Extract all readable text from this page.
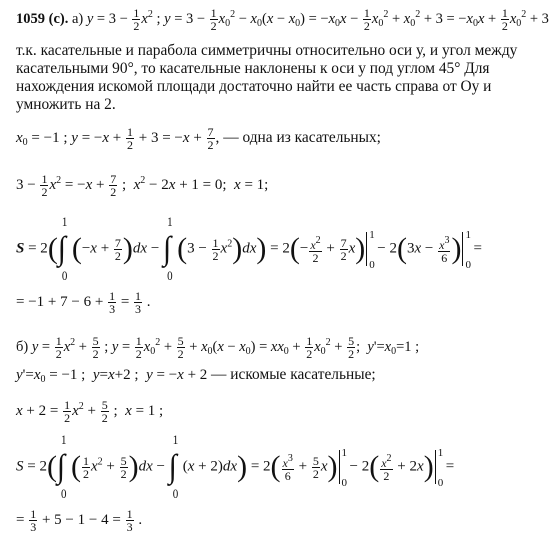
1059 (с). а) $y = 3 - \frac{1}{2} x^2$ ; $y = 3 - \frac{1}{2} x_0^2 - x_0(x - x_0) = -x_0x - \frac{1}{2} x_0^2 + x_0^2 + 3 = -x_0x + \frac{1}{2} x_0^2 + 3$
т.к. касательные и парабола симметричны относительно оси у, и угол между
касательными 90°, то касательные наклонены к оси у под углом 45° Для
нахождения искомой площади достаточно найти ее часть справа от Оу и
умножить на 2.
$x_0 = -1$ ; $y = -x + \frac{1}{2} + 3 = -x + \frac{7}{2}$ , — одна из касательных;
$3 - \frac{1}{2} x^2 = -x + \frac{7}{2}$ ;  $x^2 - 2x + 1 = 0$;  x = 1;
S = 2(∫
1
0
$(-x + \frac{7}{2} )dx$ − ∫
1
0
$(3 - \frac{1}{2} x^2)dx) = 2(- \frac{x^2}{2} + \frac{7}{2} x)$ 1
0
− $2(3x - \frac{x^3}{6}$ ) 1
0
=
= $-1 + 7 - 6 + \frac{1}{3} = \frac{1}{3}$ .
б) $y = \frac{1}{2} x^2 + \frac{5}{2}$ ; $y = \frac{1}{2} x_0^2 + \frac{5}{2} + x_0(x - x_0) = xx_0 + \frac{1}{2} x_0^2 + \frac{5}{2}$ ;  $y'=x_0=1$ ;
$y'=x_0 = -1$ ;  y=x+2 ;  y = −x + 2 — искомые касательные;
$x + 2 = \frac{1}{2} x^2 + \frac{5}{2}$ ;  x = 1 ;
S = 2(∫
1
0
( $\frac{1}{2} x^2 + \frac{5}{2} )dx$ − ∫
1
0
$(x + 2)dx) = 2( \frac{x^3}{6} + \frac{5}{2} x)$ 1
0
− $2( \frac{x^2}{2} + 2x)$ 1
0
=
= $\frac{1}{3} + 5 - 1 - 4 = \frac{1}{3}$ .
